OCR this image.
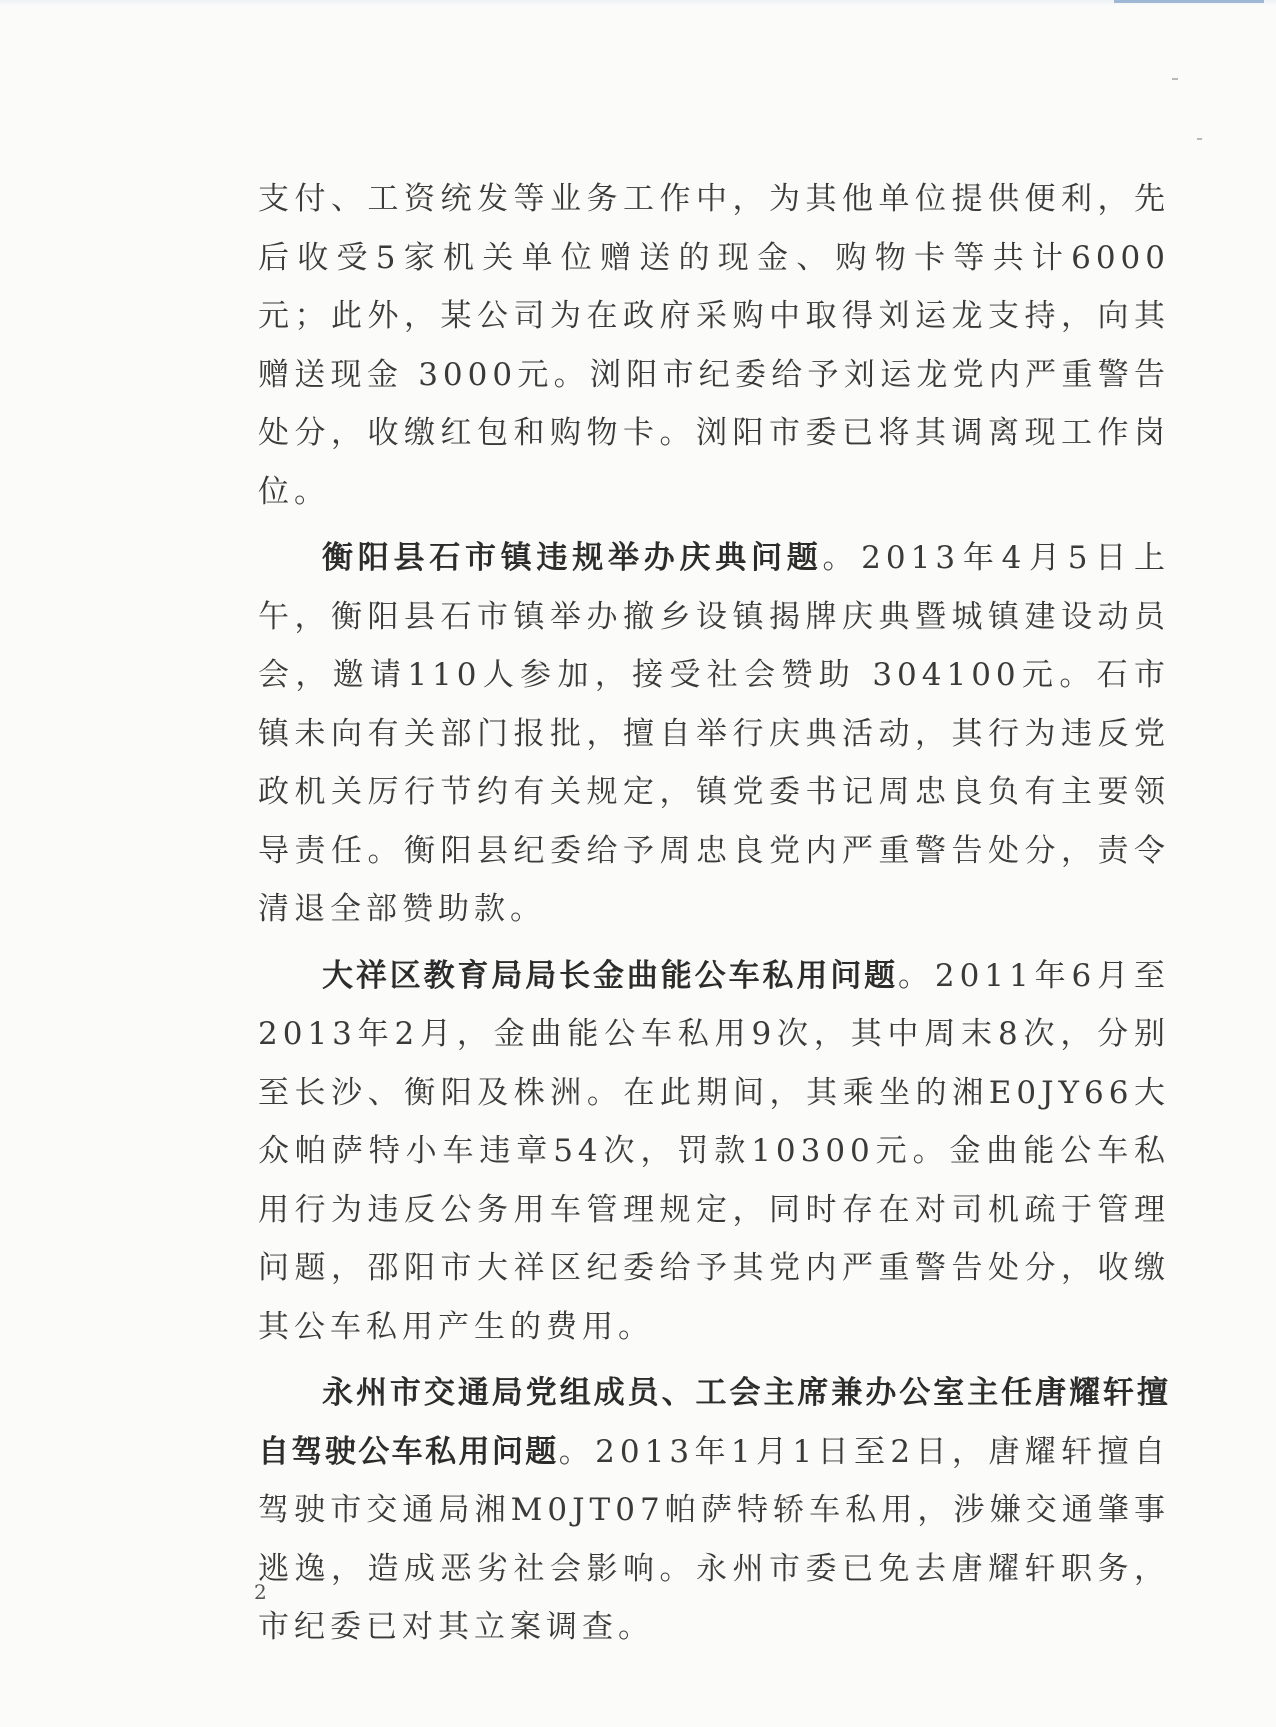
支付、工资统发等业务工作中，为其他单位提供便利，先后收受5家机关单位赠送的现金、购物卡等共计6000元；此外，某公司为在政府采购中取得刘运龙支持，向其赠送现金 3000元。浏阳市纪委给予刘运龙党内严重警告处分，收缴红包和购物卡。浏阳市委已将其调离现工作岗位。

衡阳县石市镇违规举办庆典问题。2013年4月5日上午，衡阳县石市镇举办撤乡设镇揭牌庆典暨城镇建设动员会，邀请110人参加，接受社会赞助 304100元。石市镇未向有关部门报批，擅自举行庆典活动，其行为违反党政机关厉行节约有关规定，镇党委书记周忠良负有主要领导责任。衡阳县纪委给予周忠良党内严重警告处分，责令清退全部赞助款。

大祥区教育局局长金曲能公车私用问题。2011年6月至2013年2月，金曲能公车私用9次，其中周末8次，分别至长沙、衡阳及株洲。在此期间，其乘坐的湘E0JY66大众帕萨特小车违章54次，罚款10300元。金曲能公车私用行为违反公务用车管理规定，同时存在对司机疏于管理问题，邵阳市大祥区纪委给予其党内严重警告处分，收缴其公车私用产生的费用。

永州市交通局党组成员、工会主席兼办公室主任唐耀轩擅自驾驶公车私用问题。2013年1月1日至2日，唐耀轩擅自驾驶市交通局湘M0JT07帕萨特轿车私用，涉嫌交通肇事逃逸，造成恶劣社会影响。永州市委已免去唐耀轩职务，市纪委已对其立案调查。

2
